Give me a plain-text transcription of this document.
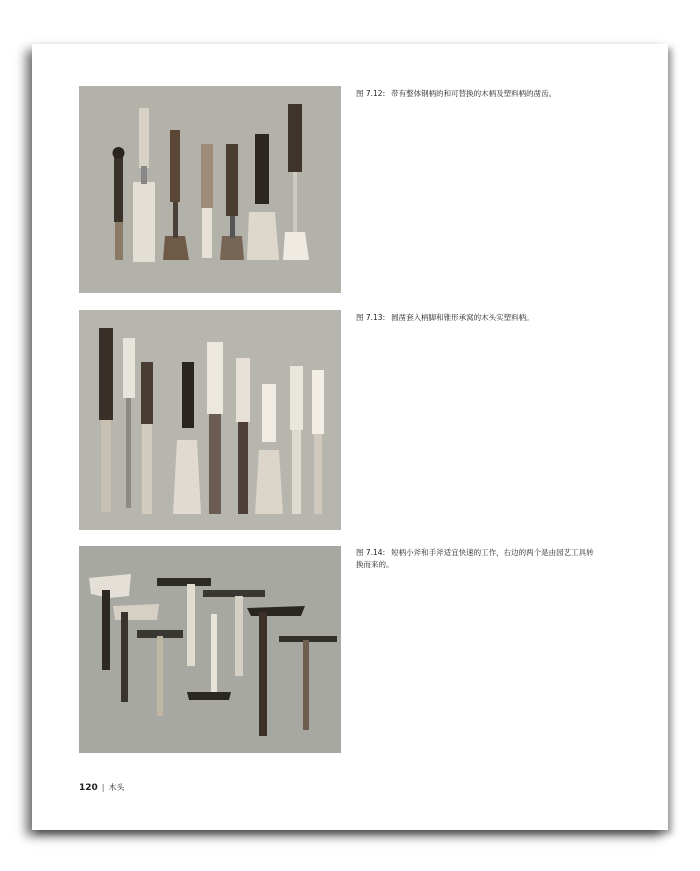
图 7.12: 带有整体钢柄的和可替换的木柄及塑料柄的凿齿。
图 7.13: 圆凿套入柄脚和锥形承窝的木头实塑料柄。
图 7.14: 短柄小斧和手斧适宜快速的工作，右边的两个是由园艺工具转换而来的。
120 | 木头
